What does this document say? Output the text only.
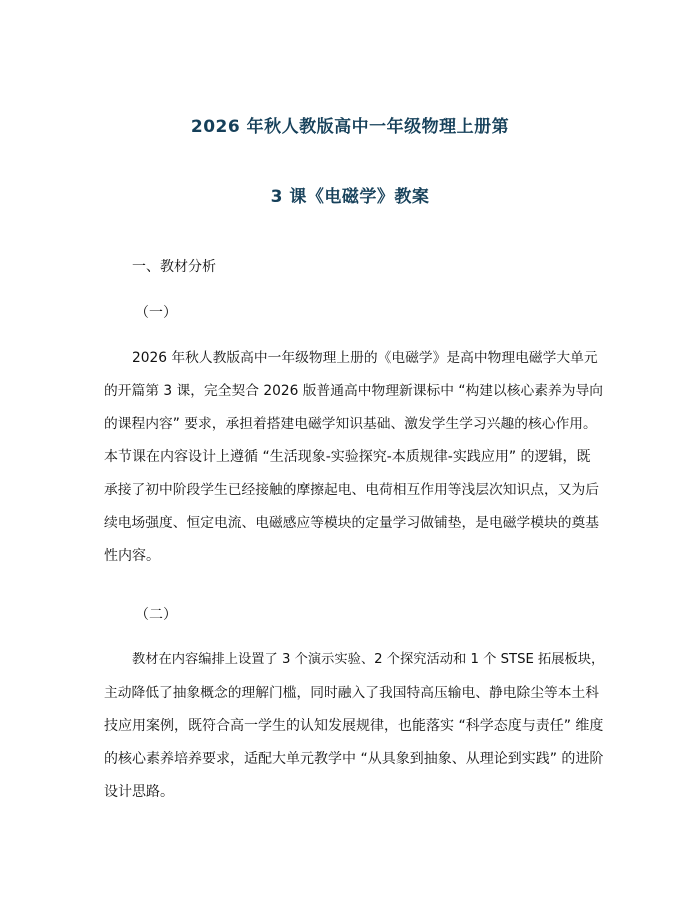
2026 年秋人教版高中一年级物理上册第
3 课《电磁学》教案
一、教材分析
（一）
2026 年秋人教版高中一年级物理上册的《电磁学》是高中物理电磁学大单元
的开篇第 3 课，完全契合 2026 版普通高中物理新课标中 “构建以核心素养为导向
的课程内容” 要求，承担着搭建电磁学知识基础、激发学生学习兴趣的核心作用。
本节课在内容设计上遵循 “生活现象-实验探究-本质规律-实践应用” 的逻辑，既
承接了初中阶段学生已经接触的摩擦起电、电荷相互作用等浅层次知识点，又为后
续电场强度、恒定电流、电磁感应等模块的定量学习做铺垫，是电磁学模块的奠基
性内容。
（二）
教材在内容编排上设置了 3 个演示实验、2 个探究活动和 1 个 STSE 拓展板块，
主动降低了抽象概念的理解门槛，同时融入了我国特高压输电、静电除尘等本土科
技应用案例，既符合高一学生的认知发展规律，也能落实 “科学态度与责任” 维度
的核心素养培养要求，适配大单元教学中 “从具象到抽象、从理论到实践” 的进阶
设计思路。
